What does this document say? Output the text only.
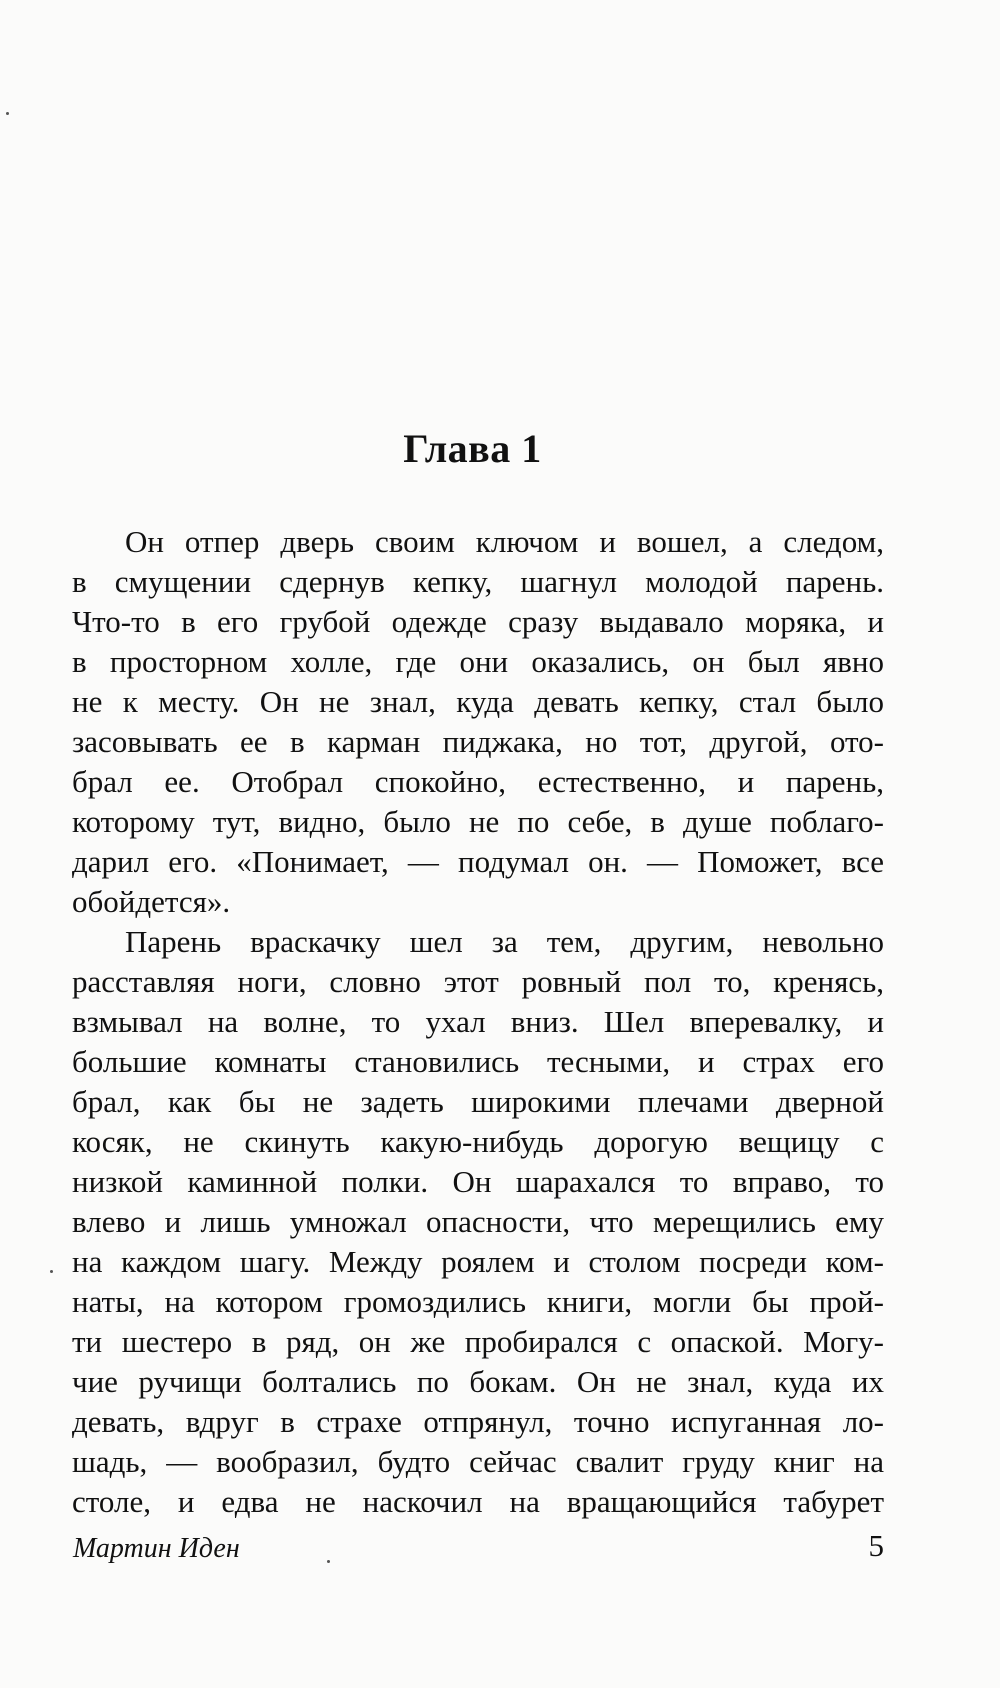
Глава 1
Он отпер дверь своим ключом и вошел, а следом,
в смущении сдернув кепку, шагнул молодой парень.
Что-то в его грубой одежде сразу выдавало моряка, и
в просторном холле, где они оказались, он был явно
не к месту. Он не знал, куда девать кепку, стал было
засовывать ее в карман пиджака, но тот, другой, ото-
брал ее. Отобрал спокойно, естественно, и парень,
которому тут, видно, было не по себе, в душе поблаго-
дарил его. «Понимает, — подумал он. — Поможет, все
обойдется».
Парень враскачку шел за тем, другим, невольно
расставляя ноги, словно этот ровный пол то, кренясь,
взмывал на волне, то ухал вниз. Шел вперевалку, и
большие комнаты становились тесными, и страх его
брал, как бы не задеть широкими плечами дверной
косяк, не скинуть какую-нибудь дорогую вещицу с
низкой каминной полки. Он шарахался то вправо, то
влево и лишь умножал опасности, что мерещились ему
на каждом шагу. Между роялем и столом посреди ком-
наты, на котором громоздились книги, могли бы прой-
ти шестеро в ряд, он же пробирался с опаской. Могу-
чие ручищи болтались по бокам. Он не знал, куда их
девать, вдруг в страхе отпрянул, точно испуганная ло-
шадь, — вообразил, будто сейчас свалит груду книг на
столе, и едва не наскочил на вращающийся табурет

Мартин Иден	5
